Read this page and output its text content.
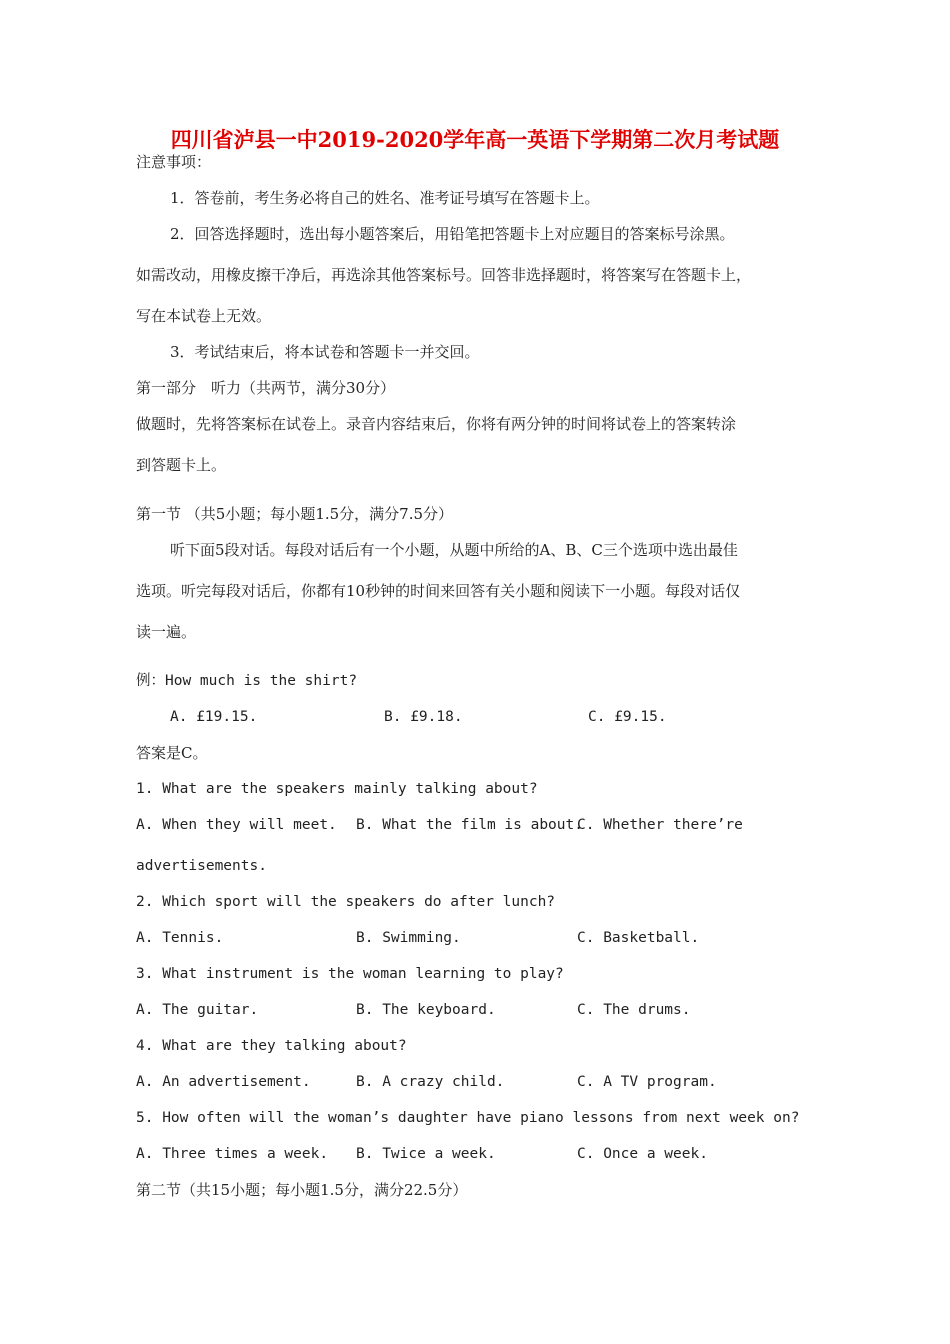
四川省泸县一中2019-2020学年高一英语下学期第二次月考试题
注意事项：
1．答卷前，考生务必将自己的姓名、准考证号填写在答题卡上。
2．回答选择题时，选出每小题答案后，用铅笔把答题卡上对应题目的答案标号涂黑。
如需改动，用橡皮擦干净后，再选涂其他答案标号。回答非选择题时，将答案写在答题卡上，
写在本试卷上无效。
3．考试结束后，将本试卷和答题卡一并交回。
第一部分　听力（共两节，满分30分）
做题时，先将答案标在试卷上。录音内容结束后，你将有两分钟的时间将试卷上的答案转涂
到答题卡上。
第一节 （共5小题；每小题1.5分，满分7.5分）
听下面5段对话。每段对话后有一个小题，从题中所给的A、B、C三个选项中选出最佳
选项。听完每段对话后，你都有10秒钟的时间来回答有关小题和阅读下一小题。每段对话仅
读一遍。
例：How much is the shirt?
A. £19.15.	B. £9.18.	C. £9.15.
答案是C。
1. What are the speakers mainly talking about?
A. When they will meet. B. What the film is about.
C. Whether there’re
advertisements.
2. Which sport will the speakers do after lunch?
A. Tennis.	B. Swimming.	C. Basketball.
3. What instrument is the woman learning to play?
A. The guitar.	B. The keyboard.	C. The drums.
4. What are they talking about?
A. An advertisement.	B. A crazy child.	C. A TV program.
5. How often will the woman’s daughter have piano lessons from next week on?
A. Three times a week. B. Twice a week.	C. Once a week.
第二节（共15小题；每小题1.5分，满分22.5分）
